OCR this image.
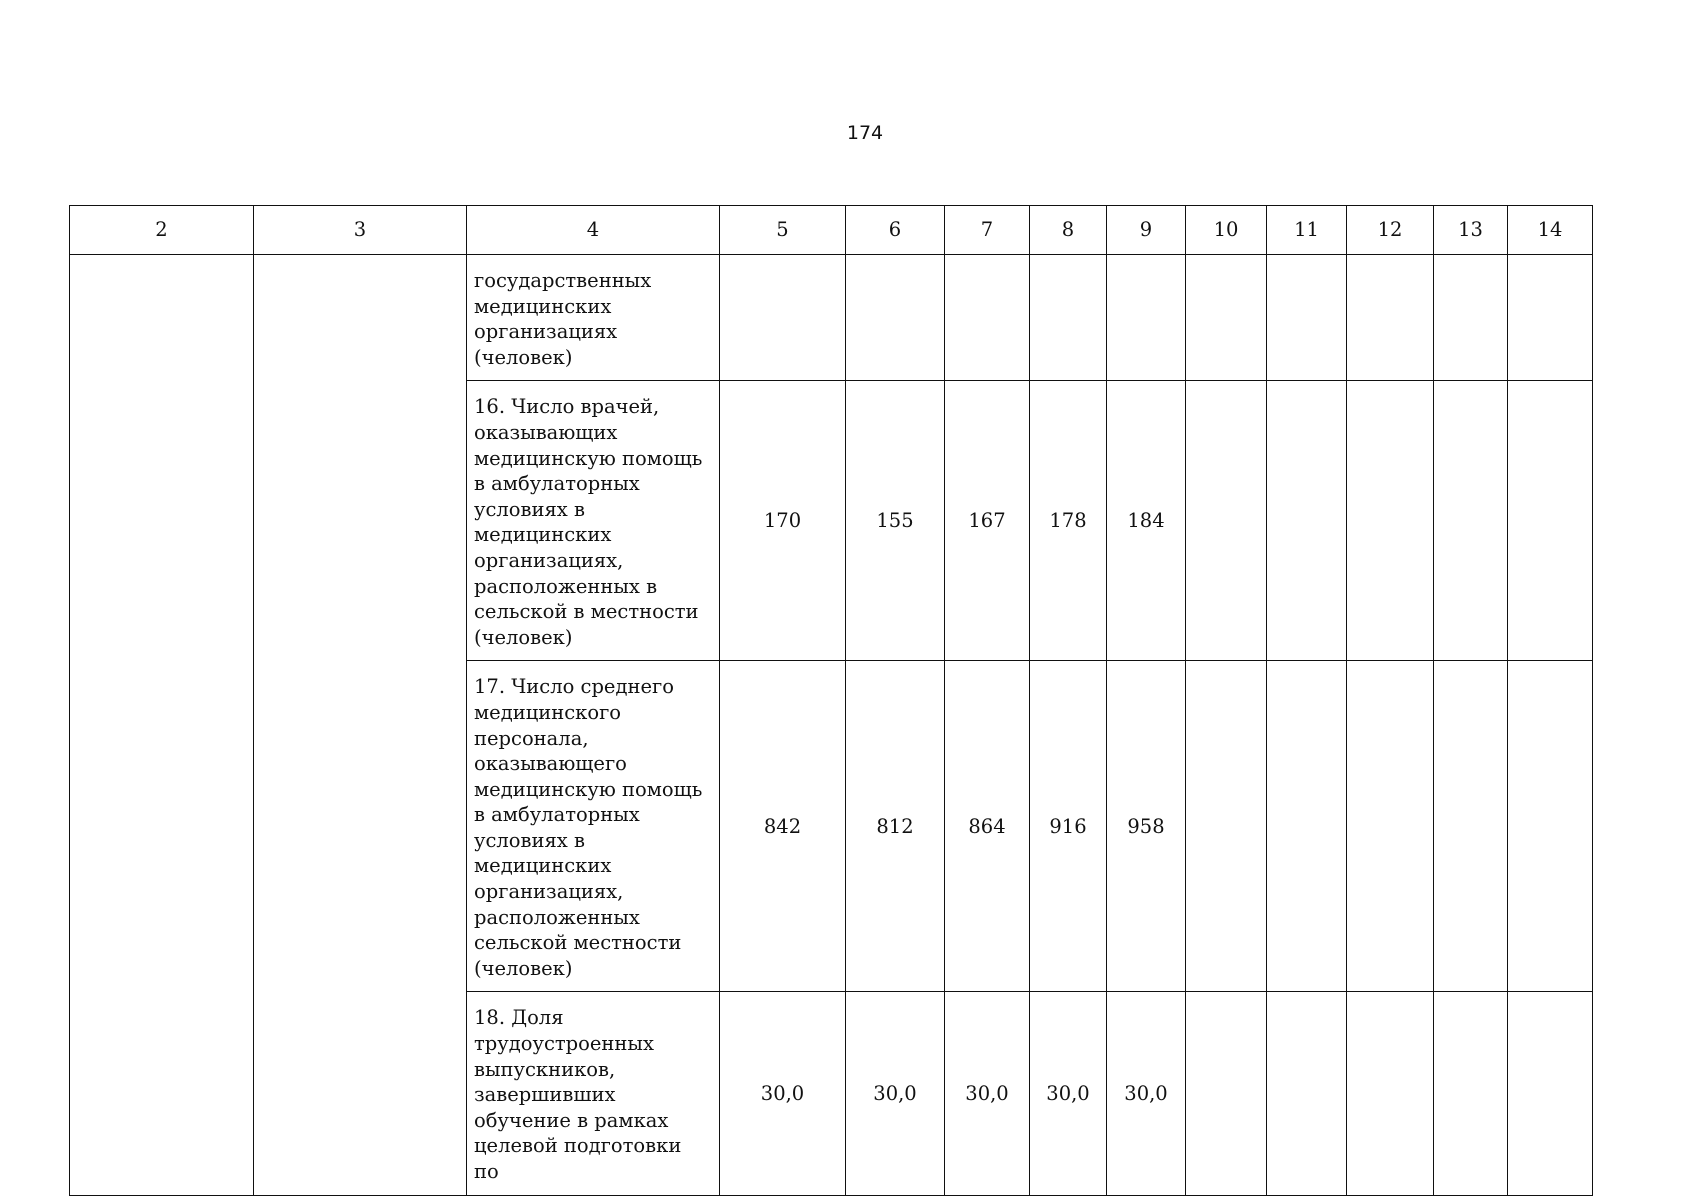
174
2	3	4	5	6	7	8	9	10	11	12	13	14
		государственных медицинских организациях (человек)										
		16. Число врачей, оказывающих медицинскую помощь в амбулаторных условиях в медицинских организациях, расположенных в сельской в местности (человек)	170	155	167	178	184					
		17. Число среднего медицинского персонала, оказывающего медицинскую помощь в амбулаторных условиях в медицинских организациях, расположенных сельской местности (человек)	842	812	864	916	958					
		18. Доля трудоустроенных выпускников, завершивших обучение в рамках целевой подготовки по	30,0	30,0	30,0	30,0	30,0					
